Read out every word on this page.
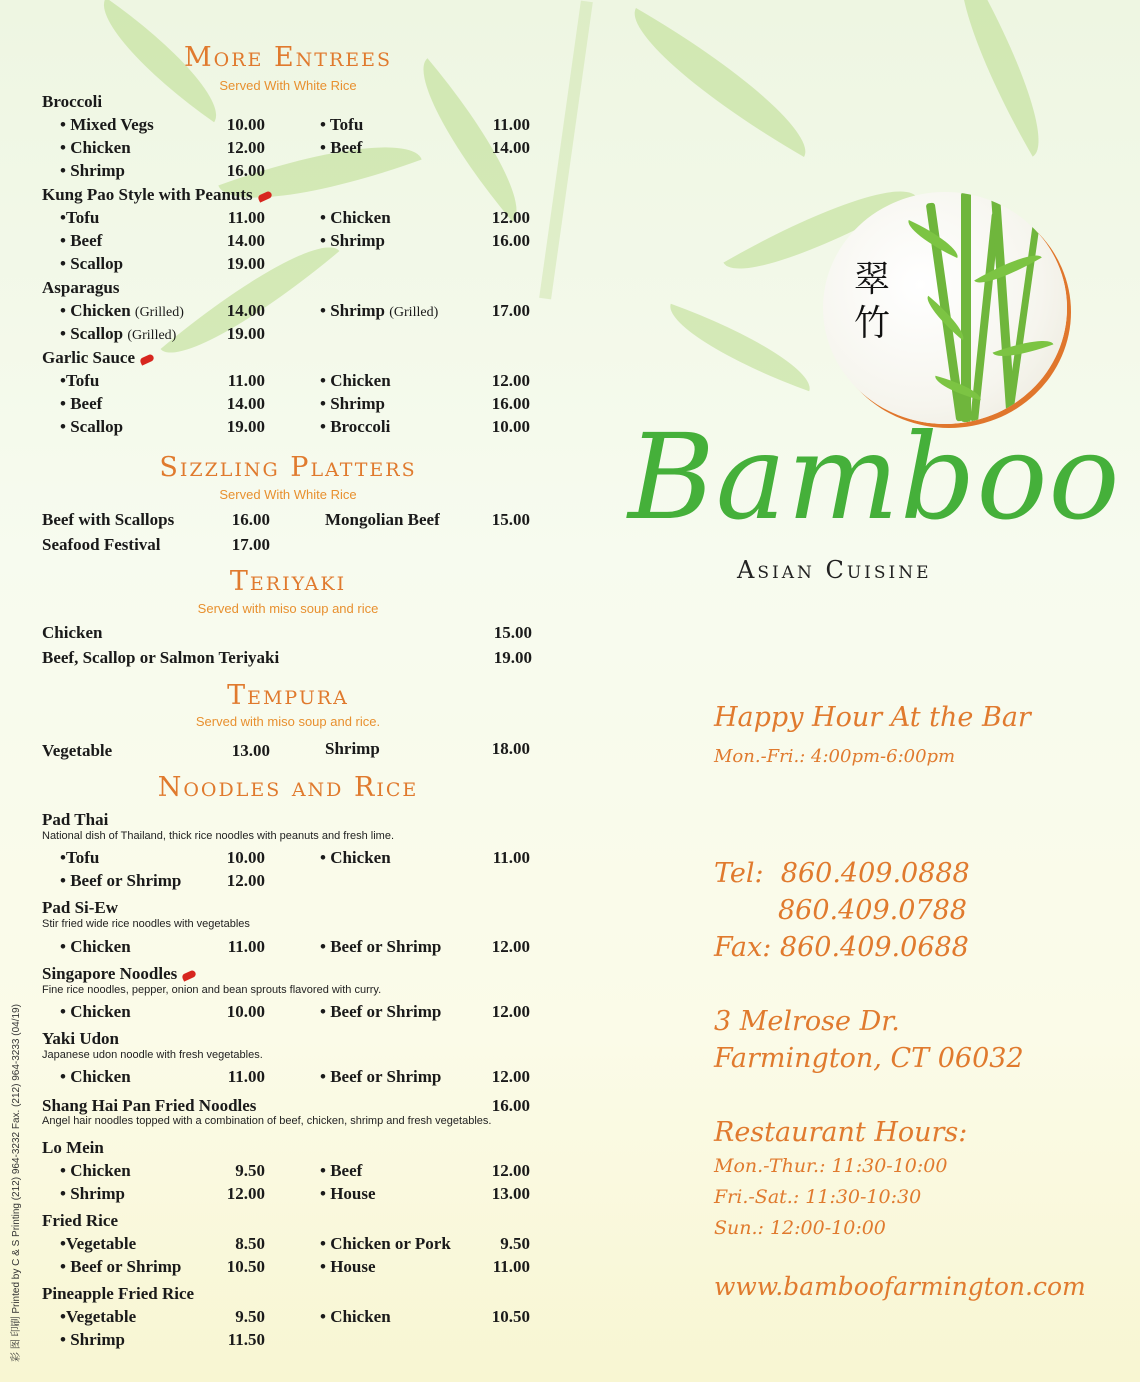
More Entrees
Served With White Rice
Broccoli
• Mixed Vegs	10.00	• Tofu	11.00
• Chicken	12.00	• Beef	14.00
• Shrimp	16.00
Kung Pao Style with Peanuts
•Tofu	11.00	• Chicken	12.00
• Beef	14.00	• Shrimp	16.00
• Scallop	19.00
Asparagus
• Chicken (Grilled)	14.00	• Shrimp (Grilled)	17.00
• Scallop (Grilled)	19.00
Garlic Sauce
•Tofu	11.00	• Chicken	12.00
• Beef	14.00	• Shrimp	16.00
• Scallop	19.00	• Broccoli	10.00
Sizzling Platters
Served With White Rice
Beef with Scallops	16.00	Mongolian Beef	15.00
Seafood Festival	17.00
Teriyaki
Served with miso soup and rice
Chicken	15.00
Beef, Scallop or Salmon Teriyaki	19.00
Tempura
Served with miso soup and rice.
Vegetable	13.00	Shrimp	18.00
Noodles and Rice
Pad Thai
National dish of Thailand, thick rice noodles with peanuts and fresh lime.
•Tofu	10.00	• Chicken	11.00
• Beef or Shrimp	12.00
Pad Si-Ew
Stir fried wide rice noodles with vegetables
• Chicken	11.00	• Beef or Shrimp	12.00
Singapore Noodles
Fine rice noodles, pepper, onion and bean sprouts flavored with curry.
• Chicken	10.00	• Beef or Shrimp	12.00
Yaki Udon
Japanese udon noodle with fresh vegetables.
• Chicken	11.00	• Beef or Shrimp	12.00
Shang Hai Pan Fried Noodles	16.00
Angel hair noodles topped with a combination of beef, chicken, shrimp and fresh vegetables.
Lo Mein
• Chicken	9.50	• Beef	12.00
• Shrimp	12.00	• House	13.00
Fried Rice
•Vegetable	8.50	• Chicken or Pork	9.50
• Beef or Shrimp	10.50	• House	11.00
Pineapple Fried Rice
•Vegetable	9.50	• Chicken	10.50
• Shrimp	11.50
彩 图 印刷 Printed by C & S Printing (212) 964-3232 Fax. (212) 964-3233 (04/19)
翠竹
Bamboo
Asian Cuisine
Happy Hour At the Bar
Mon.-Fri.: 4:00pm-6:00pm
Tel:  860.409.0888
860.409.0788
Fax: 860.409.0688
3 Melrose Dr.
Farmington, CT 06032
Restaurant Hours:
Mon.-Thur.: 11:30-10:00
Fri.-Sat.: 11:30-10:30
Sun.: 12:00-10:00
www.bamboofarmington.com
